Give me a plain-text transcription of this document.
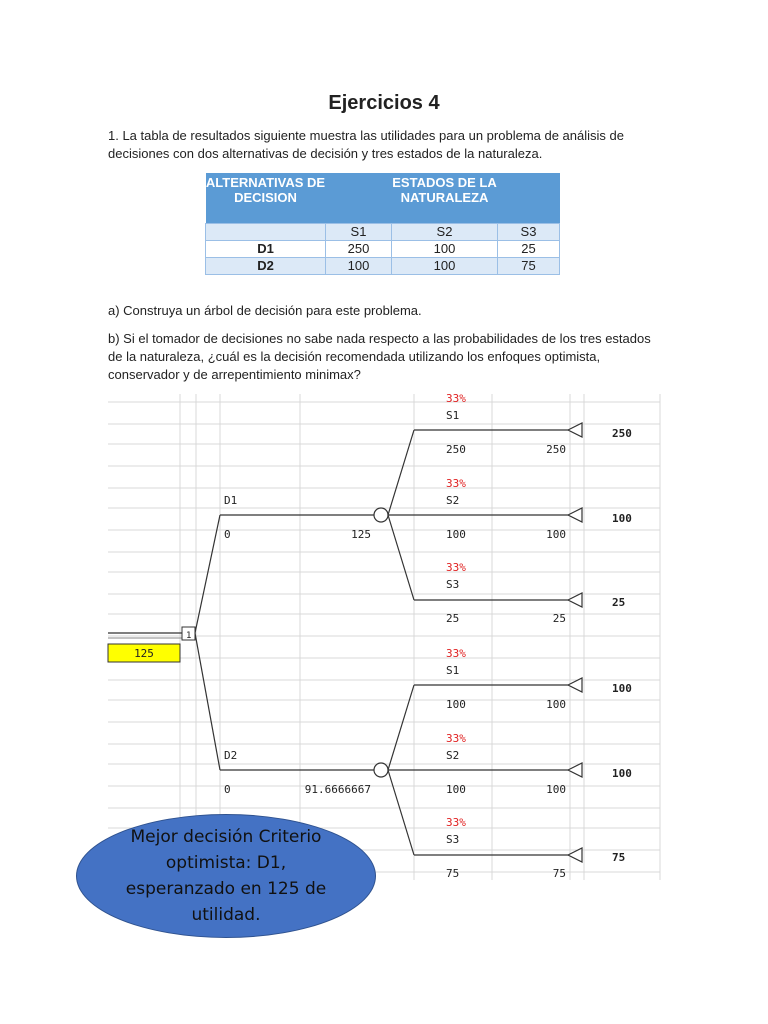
Ejercicios 4
1. La tabla de resultados siguiente muestra las utilidades para un problema de análisis de decisiones con dos alternativas de decisión y tres estados de la naturaleza.
ALTERNATIVAS DE DECISION		ESTADOS DE LA NATURALEZA	
	S1	S2	S3
D1	250	100	25
D2	100	100	75
a) Construya un árbol de decisión para este problema.
b) Si el tomador de decisiones no sabe nada respecto a las probabilidades de los tres estados de la naturaleza, ¿cuál es la decisión recomendada utilizando los enfoques optimista, conservador y de arrepentimiento minimax?
125
1
D1
0	125
33%
S1
250	250
250
33%
S2
100	100
100
33%
S3
25	25
25
D2
0	91.6666667
33%
S1
100	100
100
33%
S2
100	100
100
33%
S3
75	75
75
Mejor decisión Criterio optimista: D1, esperanzado en 125 de utilidad.
